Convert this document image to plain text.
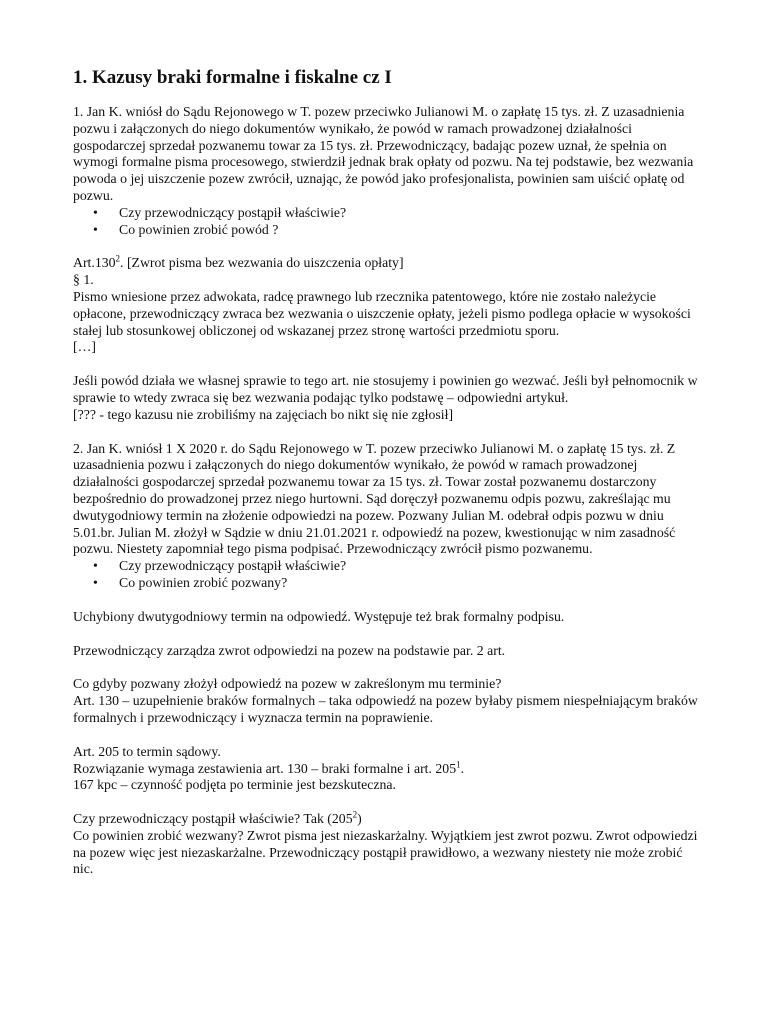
1. Kazusy braki formalne i fiskalne cz I

1. Jan K. wniósł do Sądu Rejonowego w T. pozew przeciwko Julianowi M. o zapłatę 15 tys. zł. Z uzasadnienia pozwu i załączonych do niego dokumentów wynikało, że powód w ramach prowadzonej działalności gospodarczej sprzedał pozwanemu towar za 15 tys. zł. Przewodniczący, badając pozew uznał, że spełnia on wymogi formalne pisma procesowego, stwierdził jednak brak opłaty od pozwu. Na tej podstawie, bez wezwania powoda o jej uiszczenie pozew zwrócił, uznając, że powód jako profesjonalista, powinien sam uiścić opłatę od pozwu.

• Czy przewodniczący postąpił właściwie?
• Co powinien zrobić powód ?

Art.130$^2$. [Zwrot pisma bez wezwania do uiszczenia opłaty]

§ 1.

Pismo wniesione przez adwokata, radcę prawnego lub rzecznika patentowego, które nie zostało należycie opłacone, przewodniczący zwraca bez wezwania o uiszczenie opłaty, jeżeli pismo podlega opłacie w wysokości stałej lub stosunkowej obliczonej od wskazanej przez stronę wartości przedmiotu sporu.

[…]

Jeśli powód działa we własnej sprawie to tego art. nie stosujemy i powinien go wezwać. Jeśli był pełnomocnik w sprawie to wtedy zwraca się bez wezwania podając tylko podstawę – odpowiedni artykuł.

[??? - tego kazusu nie zrobiliśmy na zajęciach bo nikt się nie zgłosił]

2. Jan K. wniósł 1 X 2020 r. do Sądu Rejonowego w T. pozew przeciwko Julianowi M. o zapłatę 15 tys. zł. Z uzasadnienia pozwu i załączonych do niego dokumentów wynikało, że powód w ramach prowadzonej działalności gospodarczej sprzedał pozwanemu towar za 15 tys. zł. Towar został pozwanemu dostarczony bezpośrednio do prowadzonej przez niego hurtowni. Sąd doręczył pozwanemu odpis pozwu, zakreślając mu dwutygodniowy termin na złożenie odpowiedzi na pozew. Pozwany Julian M. odebrał odpis pozwu w dniu 5.01.br. Julian M. złożył w Sądzie w dniu 21.01.2021 r. odpowiedź na pozew, kwestionując w nim zasadność pozwu. Niestety zapomniał tego pisma podpisać. Przewodniczący zwrócił pismo pozwanemu.

• Czy przewodniczący postąpił właściwie?
• Co powinien zrobić pozwany?

Uchybiony dwutygodniowy termin na odpowiedź. Występuje też brak formalny podpisu.

Przewodniczący zarządza zwrot odpowiedzi na pozew na podstawie par. 2 art.

Co gdyby pozwany złożył odpowiedź na pozew w zakreślonym mu terminie?

Art. 130 – uzupełnienie braków formalnych – taka odpowiedź na pozew byłaby pismem niespełniającym braków formalnych i przewodniczący i wyznacza termin na poprawienie.

Art. 205 to termin sądowy.

Rozwiązanie wymaga zestawienia art. 130 – braki formalne i art. $205^1$.

167 kpc – czynność podjęta po terminie jest bezskuteczna.

Czy przewodniczący postąpił właściwie? Tak $(205^2)$

Co powinien zrobić wezwany? Zwrot pisma jest niezaskarżalny. Wyjątkiem jest zwrot pozwu. Zwrot odpowiedzi na pozew więc jest niezaskarżalne. Przewodniczący postąpił prawidłowo, a wezwany niestety nie może zrobić nic.
